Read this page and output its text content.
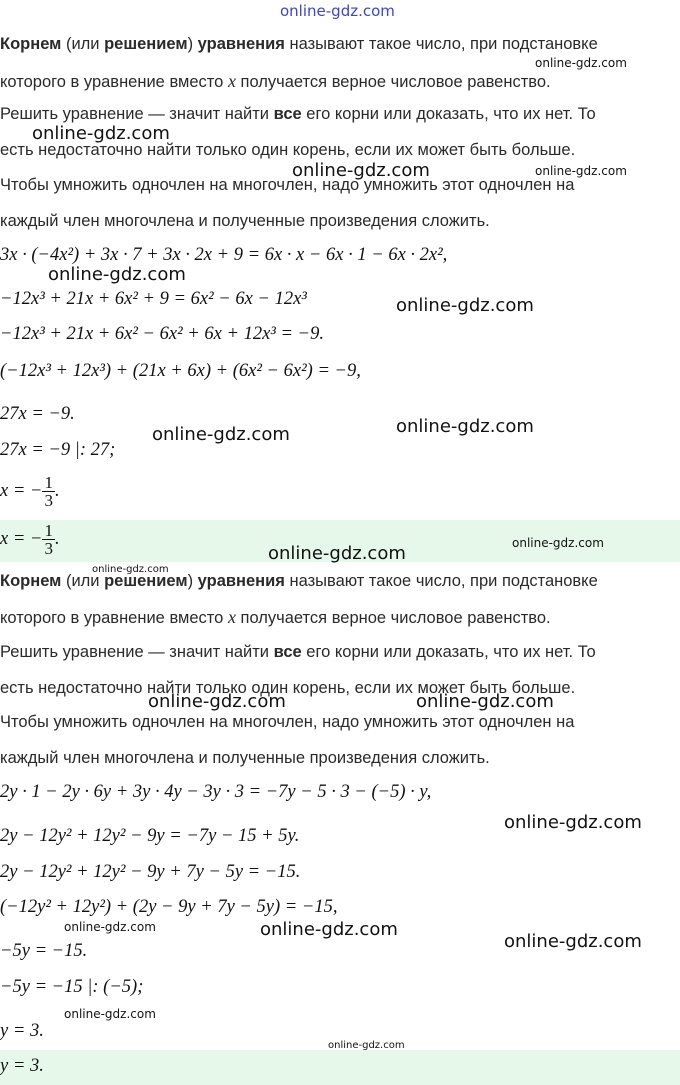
online-gdz.com
Корнем (или решением) уравнения называют такое число, при подстановке
которого в уравнение вместо x получается верное числовое равенство.
Решить уравнение — значит найти все его корни или доказать, что их нет. То
есть недостаточно найти только один корень, если их может быть больше.
Чтобы умножить одночлен на многочлен, надо умножить этот одночлен на
каждый член многочлена и полученные произведения сложить.
3x · (−4x²) + 3x · 7 + 3x · 2x + 9 = 6x · x − 6x · 1 − 6x · 2x²,
−12x³ + 21x + 6x² + 9 = 6x² − 6x − 12x³
−12x³ + 21x + 6x² − 6x² + 6x + 12x³ = −9.
(−12x³ + 12x³) + (21x + 6x) + (6x² − 6x²) = −9,
27x = −9.
27x = −9 |: 27;
x = − $\frac{1}{3}$ .
x = − $\frac{1}{3}$ .
online-gdz.com
online-gdz.com
online-gdz.com	online-gdz.com
online-gdz.com
online-gdz.com
online-gdz.com
online-gdz.com
online-gdz.com	online-gdz.com
online-gdz.com
Корнем (или решением) уравнения называют такое число, при подстановке
которого в уравнение вместо x получается верное числовое равенство.
Решить уравнение — значит найти все его корни или доказать, что их нет. То
есть недостаточно найти только один корень, если их может быть больше.
Чтобы умножить одночлен на многочлен, надо умножить этот одночлен на
каждый член многочлена и полученные произведения сложить.
2y · 1 − 2y · 6y + 3y · 4y − 3y · 3 = −7y − 5 · 3 − (−5) · y,
2y − 12y² + 12y² − 9y = −7y − 15 + 5y.
2y − 12y² + 12y² − 9y + 7y − 5y = −15.
(−12y² + 12y²) + (2y − 9y + 7y − 5y) = −15,
−5y = −15.
−5y = −15 |: (−5);
y = 3.
y = 3.
online-gdz.com	online-gdz.com
online-gdz.com
online-gdz.com	online-gdz.com
online-gdz.com
online-gdz.com
online-gdz.com
